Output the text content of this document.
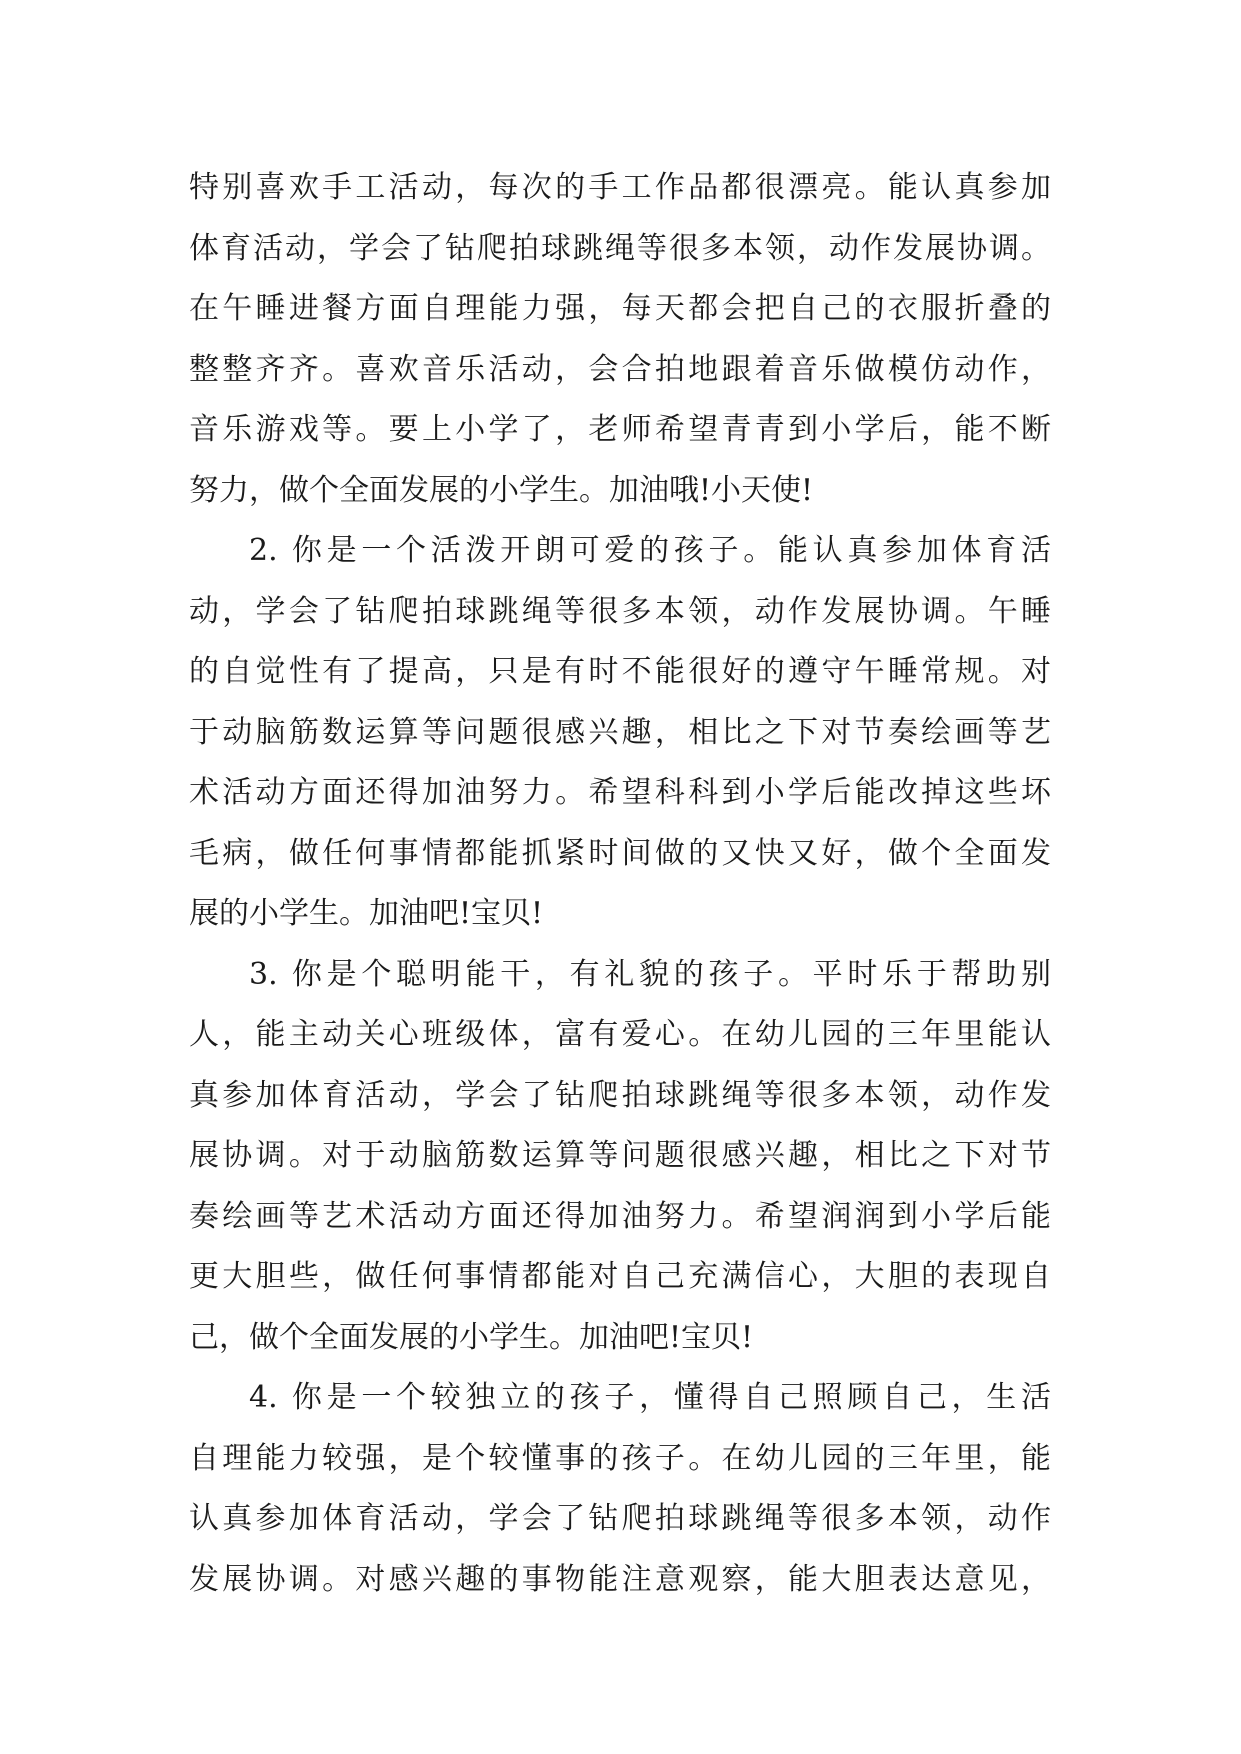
特别喜欢手工活动，每次的手工作品都很漂亮。能认真参加
体育活动，学会了钻爬拍球跳绳等很多本领，动作发展协调。
在午睡进餐方面自理能力强，每天都会把自己的衣服折叠的
整整齐齐。喜欢音乐活动，会合拍地跟着音乐做模仿动作，
音乐游戏等。要上小学了，老师希望青青到小学后，能不断
努力，做个全面发展的小学生。加油哦!小天使!
2. 你是一个活泼开朗可爱的孩子。能认真参加体育活
动，学会了钻爬拍球跳绳等很多本领，动作发展协调。午睡
的自觉性有了提高，只是有时不能很好的遵守午睡常规。对
于动脑筋数运算等问题很感兴趣，相比之下对节奏绘画等艺
术活动方面还得加油努力。希望科科到小学后能改掉这些坏
毛病，做任何事情都能抓紧时间做的又快又好，做个全面发
展的小学生。加油吧!宝贝!
3. 你是个聪明能干，有礼貌的孩子。平时乐于帮助别
人，能主动关心班级体，富有爱心。在幼儿园的三年里能认
真参加体育活动，学会了钻爬拍球跳绳等很多本领，动作发
展协调。对于动脑筋数运算等问题很感兴趣，相比之下对节
奏绘画等艺术活动方面还得加油努力。希望润润到小学后能
更大胆些，做任何事情都能对自己充满信心，大胆的表现自
己，做个全面发展的小学生。加油吧!宝贝!
4. 你是一个较独立的孩子，懂得自己照顾自己，生活
自理能力较强，是个较懂事的孩子。在幼儿园的三年里，能
认真参加体育活动，学会了钻爬拍球跳绳等很多本领，动作
发展协调。对感兴趣的事物能注意观察，能大胆表达意见，
